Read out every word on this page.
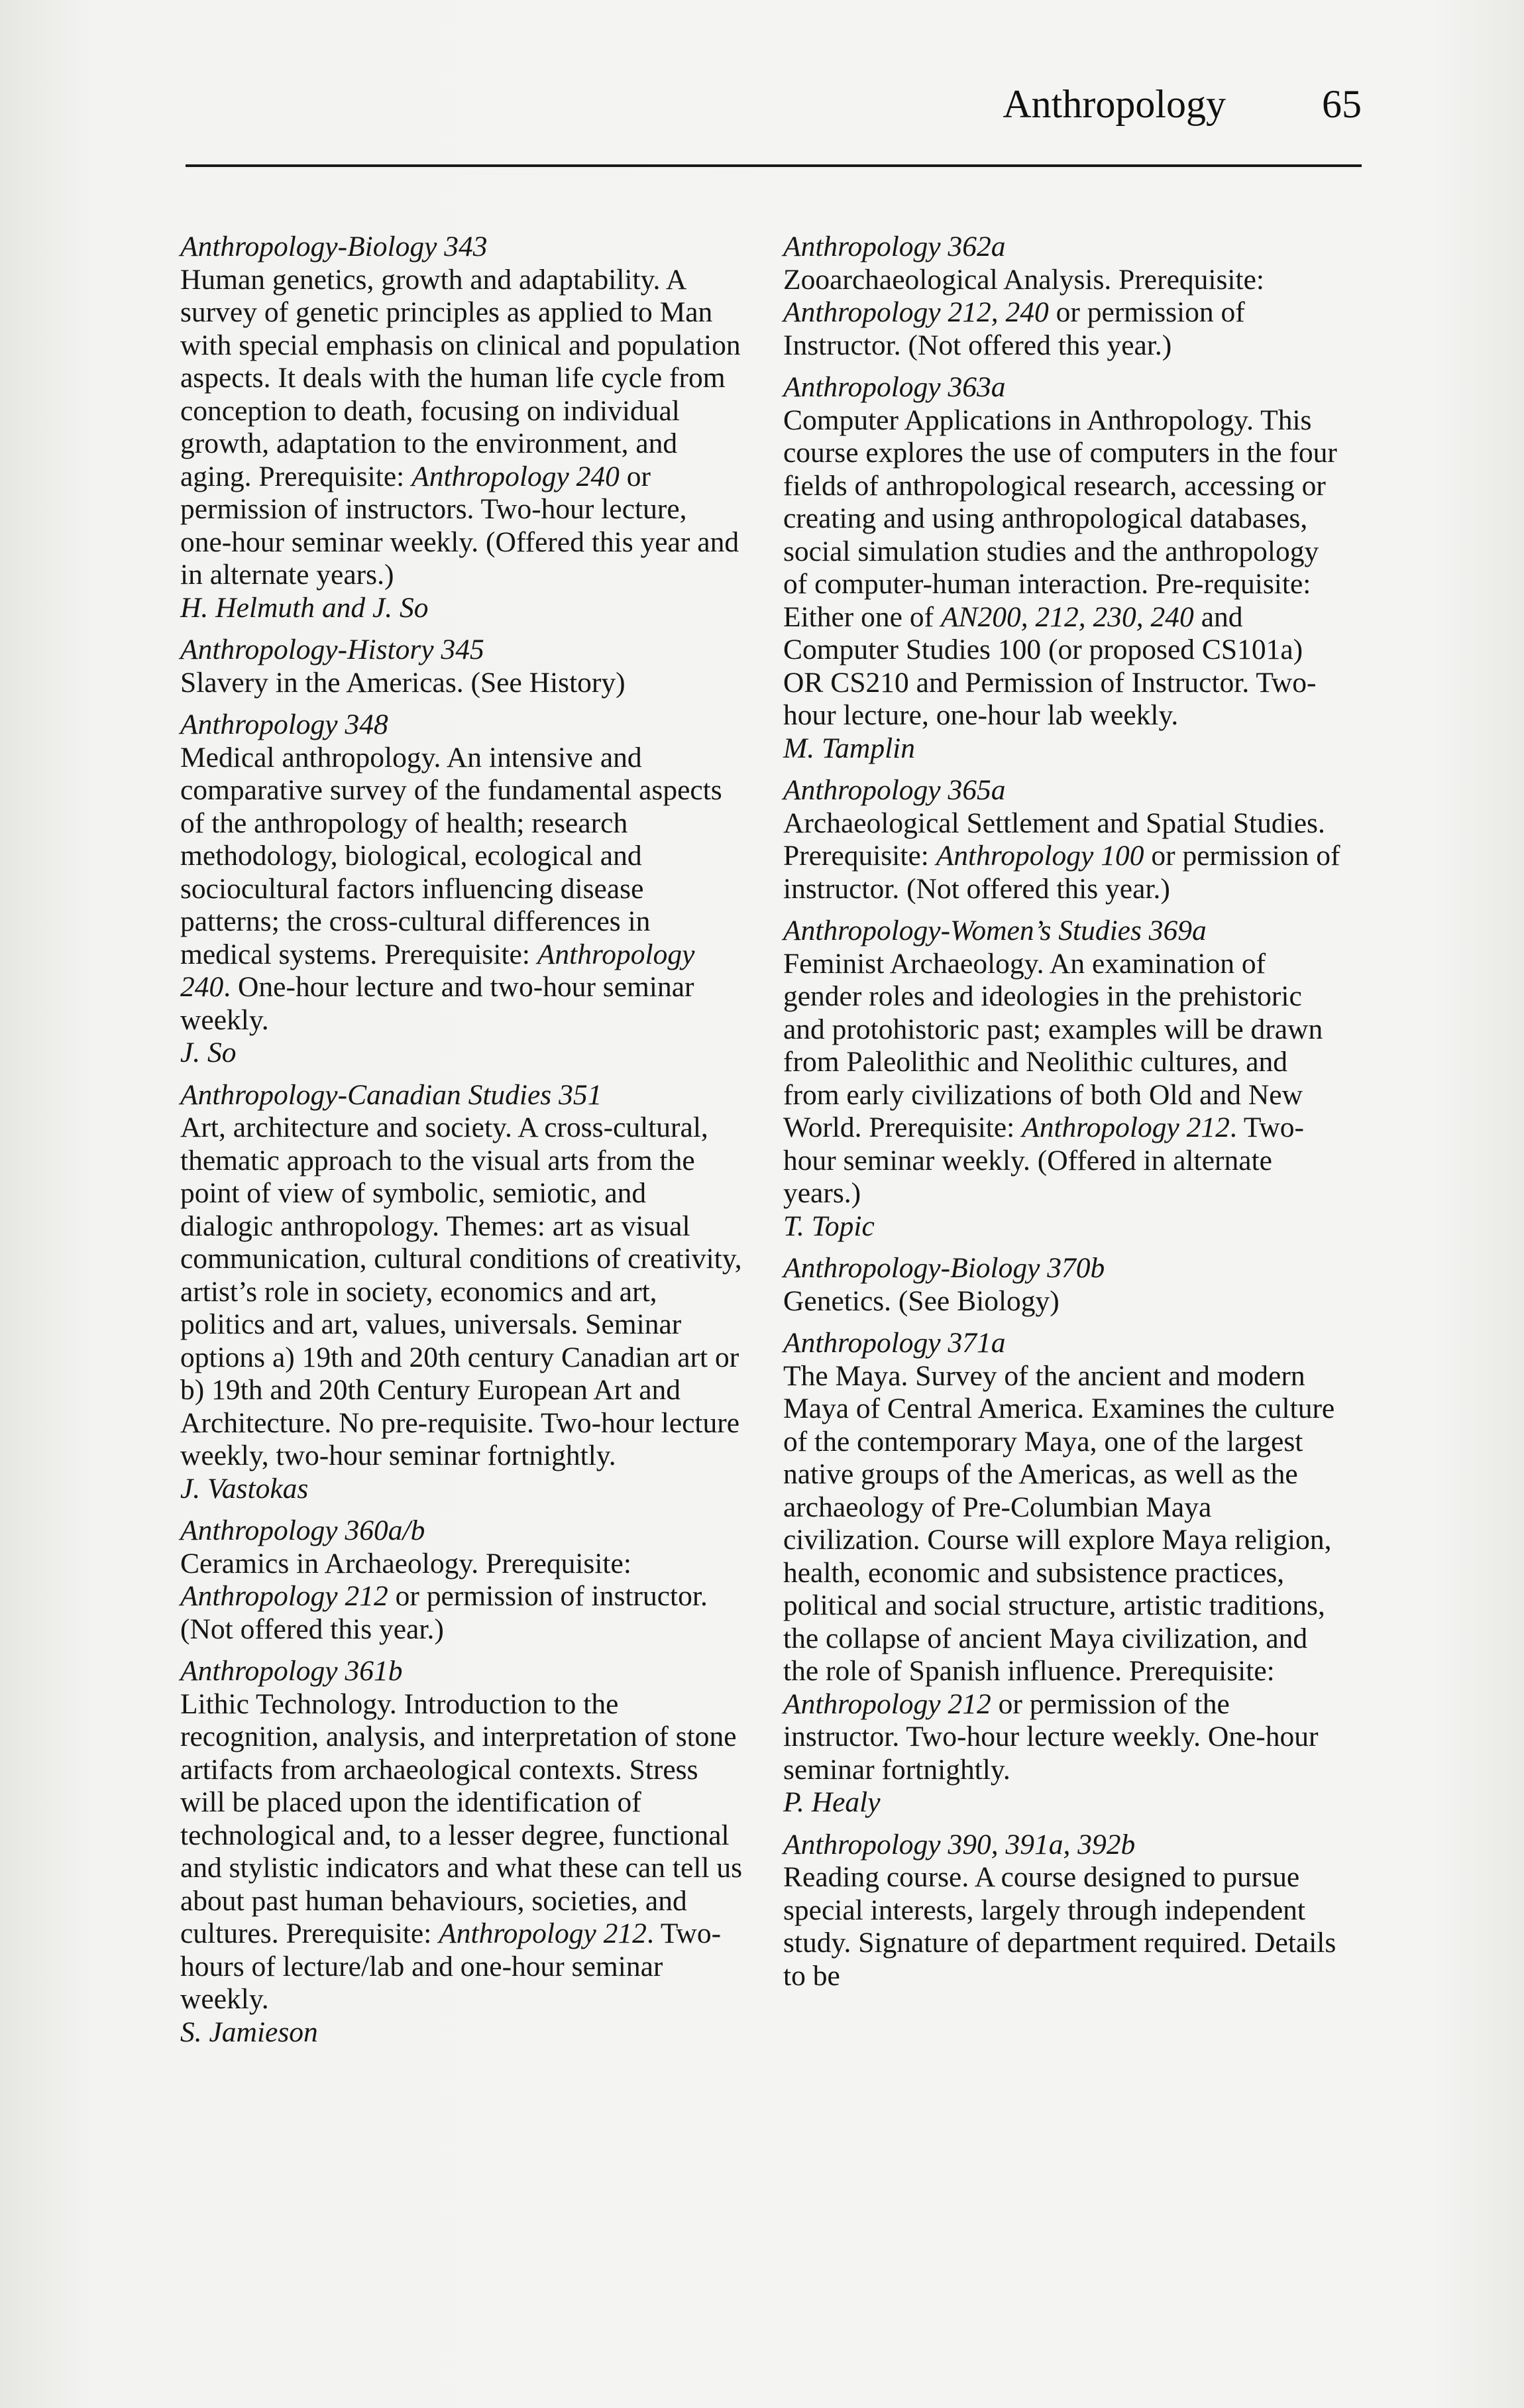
Anthropology 65
Anthropology-Biology 343
Human genetics, growth and adaptability. A survey of genetic principles as applied to Man with special emphasis on clinical and population aspects. It deals with the human life cycle from conception to death, focusing on individual growth, adaptation to the environment, and aging. Prerequisite: Anthropology 240 or permission of instructors. Two-hour lecture, one-hour seminar weekly. (Offered this year and in alternate years.)
H. Helmuth and J. So
Anthropology-History 345
Slavery in the Americas. (See History)
Anthropology 348
Medical anthropology. An intensive and comparative survey of the fundamental aspects of the anthropology of health; research methodology, biological, ecological and sociocultural factors influencing disease patterns; the cross-cultural differences in medical systems. Prerequisite: Anthropology 240. One-hour lecture and two-hour seminar weekly.
J. So
Anthropology-Canadian Studies 351
Art, architecture and society. A cross-cultural, thematic approach to the visual arts from the point of view of symbolic, semiotic, and dialogic anthropology. Themes: art as visual communication, cultural conditions of creativity, artist’s role in society, economics and art, politics and art, values, universals. Seminar options a) 19th and 20th century Canadian art or b) 19th and 20th Century European Art and Architecture. No pre-requisite. Two-hour lecture weekly, two-hour seminar fortnightly.
J. Vastokas
Anthropology 360a/b
Ceramics in Archaeology. Prerequisite: Anthropology 212 or permission of instructor. (Not offered this year.)
Anthropology 361b
Lithic Technology. Introduction to the recognition, analysis, and interpretation of stone artifacts from archaeological contexts. Stress will be placed upon the identification of technological and, to a lesser degree, functional and stylistic indicators and what these can tell us about past human behaviours, societies, and cultures. Prerequisite: Anthropology 212. Two-hours of lecture/lab and one-hour seminar weekly.
S. Jamieson
Anthropology 362a
Zooarchaeological Analysis. Prerequisite: Anthropology 212, 240 or permission of Instructor. (Not offered this year.)
Anthropology 363a
Computer Applications in Anthropology. This course explores the use of computers in the four fields of anthropological research, accessing or creating and using anthropological databases, social simulation studies and the anthropology of computer-human interaction. Pre-requisite: Either one of AN200, 212, 230, 240 and Computer Studies 100 (or proposed CS101a) OR CS210 and Permission of Instructor. Two-hour lecture, one-hour lab weekly.
M. Tamplin
Anthropology 365a
Archaeological Settlement and Spatial Studies. Prerequisite: Anthropology 100 or permission of instructor. (Not offered this year.)
Anthropology-Women’s Studies 369a
Feminist Archaeology. An examination of gender roles and ideologies in the prehistoric and protohistoric past; examples will be drawn from Paleolithic and Neolithic cultures, and from early civilizations of both Old and New World. Prerequisite: Anthropology 212. Two-hour seminar weekly. (Offered in alternate years.)
T. Topic
Anthropology-Biology 370b
Genetics. (See Biology)
Anthropology 371a
The Maya. Survey of the ancient and modern Maya of Central America. Examines the culture of the contemporary Maya, one of the largest native groups of the Americas, as well as the archaeology of Pre-Columbian Maya civilization. Course will explore Maya religion, health, economic and subsistence practices, political and social structure, artistic traditions, the collapse of ancient Maya civilization, and the role of Spanish influence. Prerequisite: Anthropology 212 or permission of the instructor. Two-hour lecture weekly. One-hour seminar fortnightly.
P. Healy
Anthropology 390, 391a, 392b
Reading course. A course designed to pursue special interests, largely through independent study. Signature of department required. Details to be
